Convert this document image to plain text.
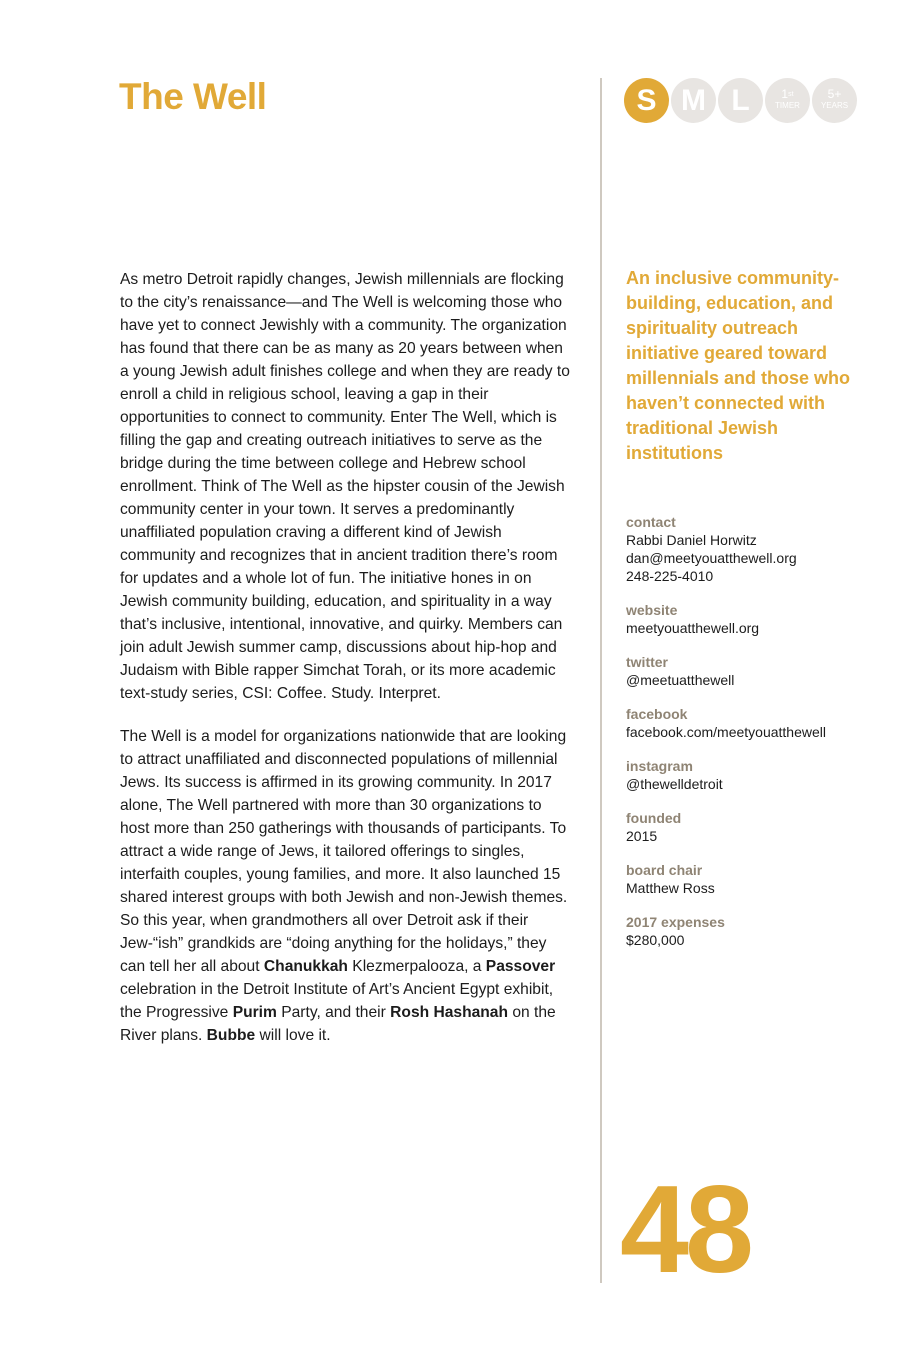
The Well	S M L	1st
TIMER
5+
YEARS

As metro Detroit rapidly changes, Jewish millennials are flocking to the city’s renaissance—and The Well is welcoming those who have yet to connect Jewishly with a community. The organization has found that there can be as many as 20 years between when a young Jewish adult finishes college and when they are ready to enroll a child in religious school, leaving a gap in their opportunities to connect to community. Enter The Well, which is filling the gap and creating outreach initiatives to serve as the bridge during the time between college and Hebrew school enrollment. Think of The Well as the hipster cousin of the Jewish community center in your town. It serves a predominantly unaffiliated population craving a different kind of Jewish community and recognizes that in ancient tradition there’s room for updates and a whole lot of fun. The initiative hones in on Jewish community building, education, and spirituality in a way that’s inclusive, intentional, innovative, and quirky. Members can join adult Jewish summer camp, discussions about hip-hop and Judaism with Bible rapper Simchat Torah, or its more academic text-study series, CSI: Coffee. Study. Interpret.

The Well is a model for organizations nationwide that are looking to attract unaffiliated and disconnected populations of millennial Jews. Its success is affirmed in its growing community. In 2017 alone, The Well partnered with more than 30 organizations to host more than 250 gatherings with thousands of participants. To attract a wide range of Jews, it tailored offerings to singles, interfaith couples, young families, and more. It also launched 15 shared interest groups with both Jewish and non-Jewish themes. So this year, when grandmothers all over Detroit ask if their Jew-“ish” grandkids are “doing anything for the holidays,” they can tell her all about Chanukkah Klezmerpalooza, a Passover celebration in the Detroit Institute of Art’s Ancient Egypt exhibit, the Progressive Purim Party, and their Rosh Hashanah on the River plans. Bubbe will love it.

An inclusive community-building, education, and spirituality outreach initiative geared toward millennials and those who haven’t connected with traditional Jewish institutions

contact
Rabbi Daniel Horwitz
dan@meetyouatthewell.org
248-225-4010
website
meetyouatthewell.org
twitter
@meetuatthewell
facebook
facebook.com/meetyouatthewell
instagram
@thewelldetroit
founded
2015
board chair
Matthew Ross
2017 expenses
$280,000
48
